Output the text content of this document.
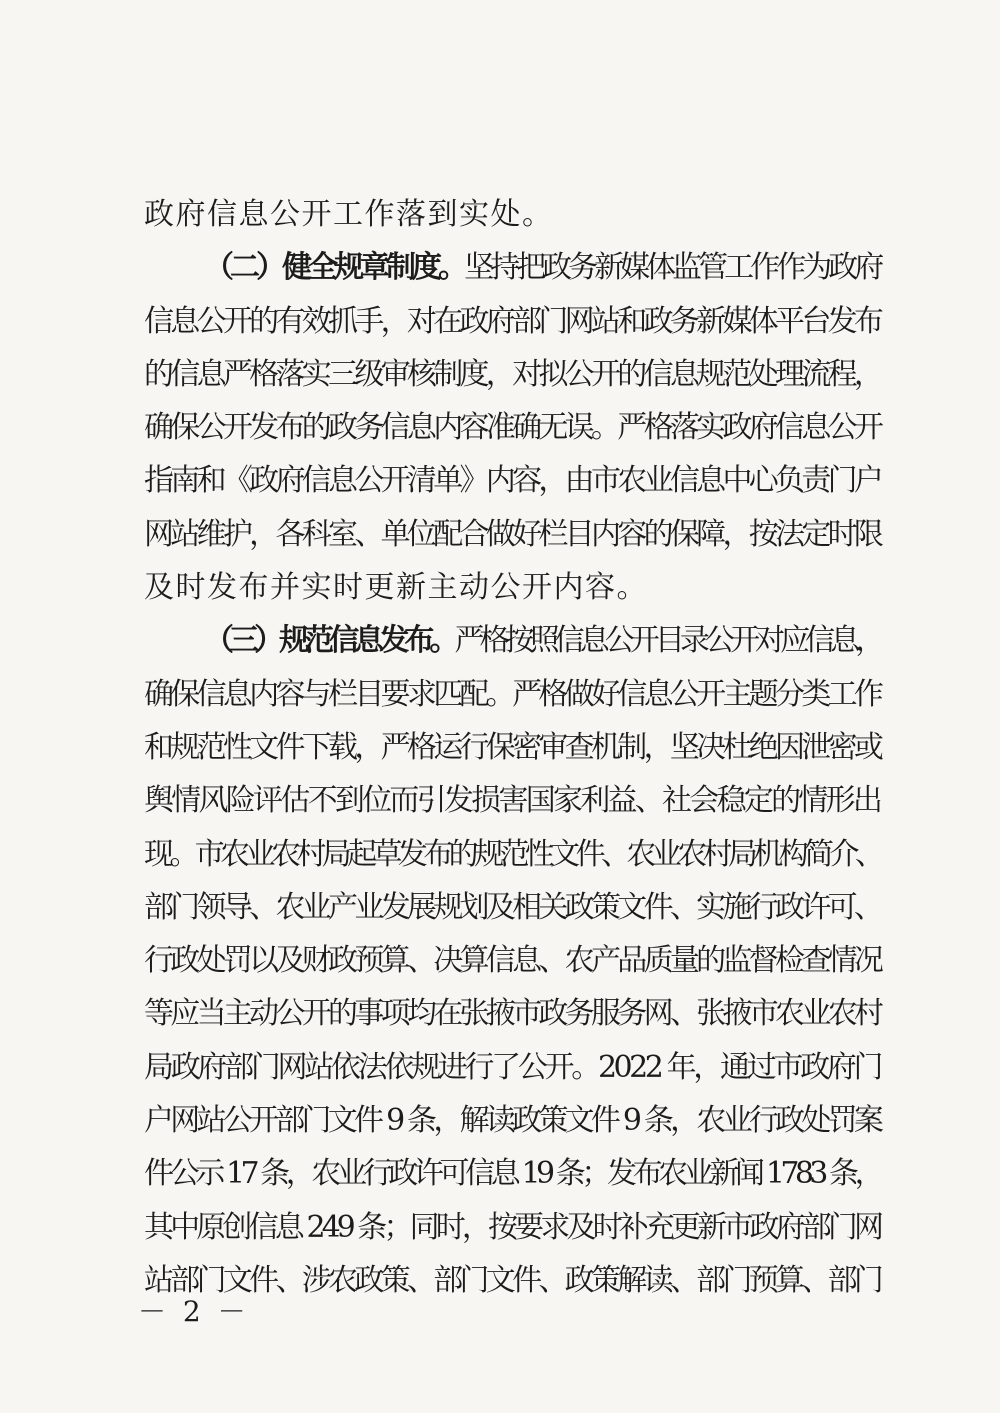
政府信息公开工作落到实处。
（二）健全规章制度。坚持把政务新媒体监管工作作为政府
信息公开的有效抓手，对在政府部门网站和政务新媒体平台发布
的信息严格落实三级审核制度，对拟公开的信息规范处理流程，
确保公开发布的政务信息内容准确无误。严格落实政府信息公开
指南和《政府信息公开清单》内容，由市农业信息中心负责门户
网站维护，各科室、单位配合做好栏目内容的保障，按法定时限
及时发布并实时更新主动公开内容。
（三）规范信息发布。严格按照信息公开目录公开对应信息，
确保信息内容与栏目要求匹配。严格做好信息公开主题分类工作
和规范性文件下载，严格运行保密审查机制，坚决杜绝因泄密或
舆情风险评估不到位而引发损害国家利益、社会稳定的情形出
现。市农业农村局起草发布的规范性文件、农业农村局机构简介、
部门领导、农业产业发展规划及相关政策文件、实施行政许可、
行政处罚以及财政预算、决算信息、农产品质量的监督检查情况
等应当主动公开的事项均在张掖市政务服务网、张掖市农业农村
局政府部门网站依法依规进行了公开。2022 年，通过市政府门
户网站公开部门文件 9 条，解读政策文件 9 条，农业行政处罚案
件公示 17 条，农业行政许可信息 19 条；发布农业新闻 1783 条，
其中原创信息 249 条；同时，按要求及时补充更新市政府部门网
站部门文件、涉农政策、部门文件、政策解读、部门预算、部门
－ 2 －
